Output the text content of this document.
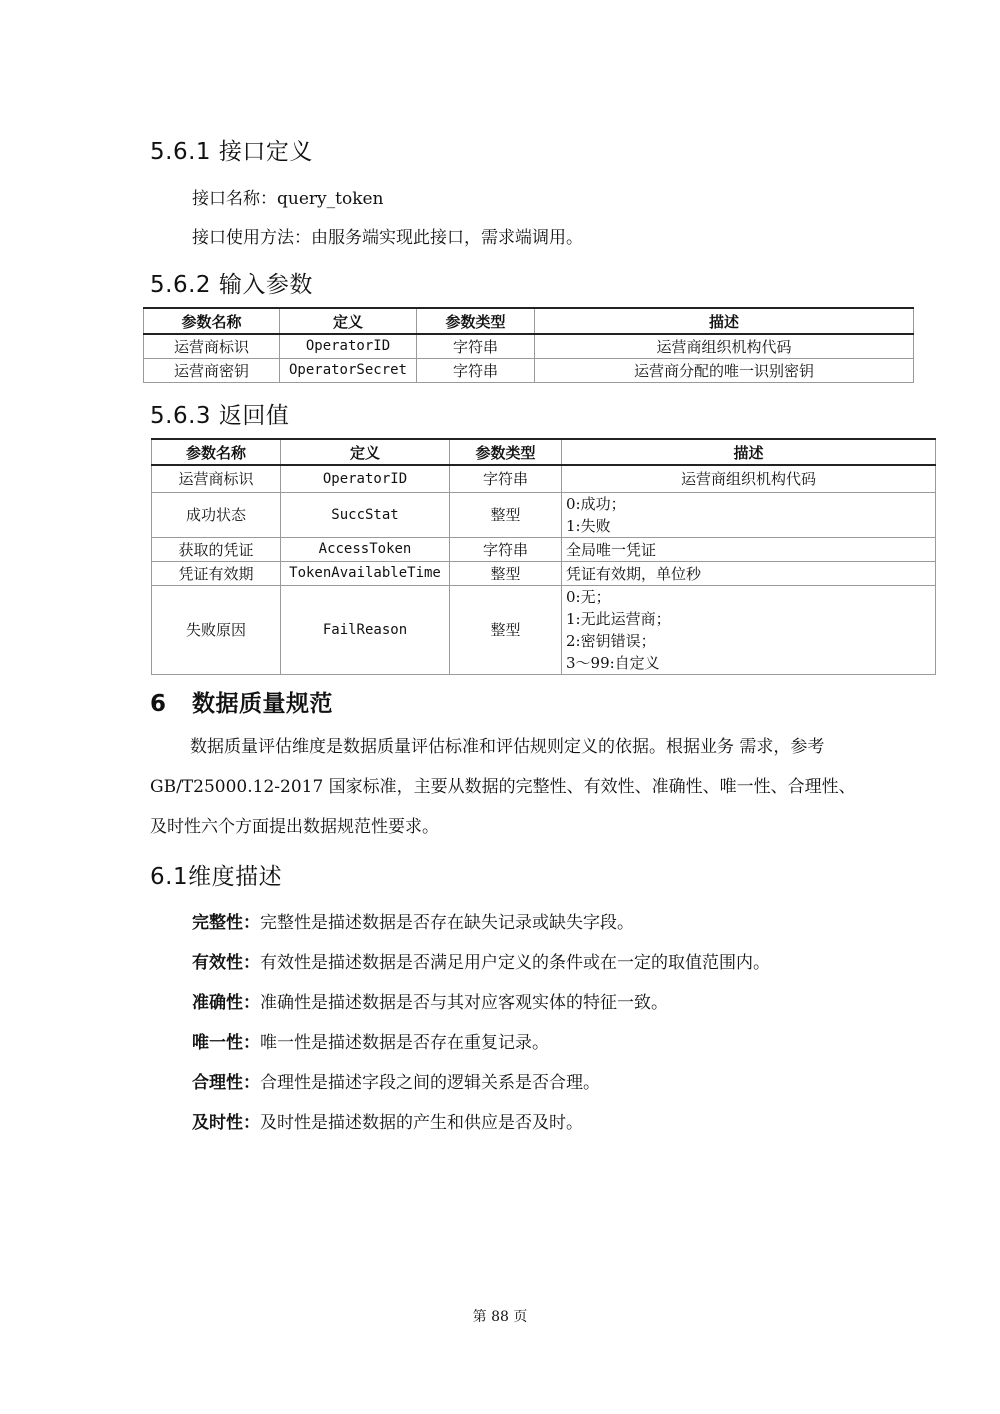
5.6.1 接口定义
接口名称：query_token
接口使用方法：由服务端实现此接口，需求端调用。
5.6.2 输入参数
参数名称	定义	参数类型	描述
运营商标识	OperatorID	字符串	运营商组织机构代码
运营商密钥	OperatorSecret	字符串	运营商分配的唯一识别密钥
5.6.3 返回值
参数名称	定义	参数类型	描述
运营商标识	OperatorID	字符串	运营商组织机构代码
成功状态	SuccStat	整型	0:成功；
1:失败

获取的凭证	AccessToken	字符串	全局唯一凭证
凭证有效期	TokenAvailableTime	整型	凭证有效期，单位秒
失败原因	FailReason	整型	0:无；
1:无此运营商；
2:密钥错误；
3～99:自定义
6   数据质量规范
数据质量评估维度是数据质量评估标准和评估规则定义的依据。根据业务 需求，参考 GB/T25000.12-2017 国家标准，主要从数据的完整性、有效性、准确性、唯一性、合理性、及时性六个方面提出数据规范性要求。
6.1维度描述
完整性：完整性是描述数据是否存在缺失记录或缺失字段。
有效性：有效性是描述数据是否满足用户定义的条件或在一定的取值范围内。
准确性：准确性是描述数据是否与其对应客观实体的特征一致。
唯一性：唯一性是描述数据是否存在重复记录。
合理性：合理性是描述字段之间的逻辑关系是否合理。
及时性：及时性是描述数据的产生和供应是否及时。
第 88 页
